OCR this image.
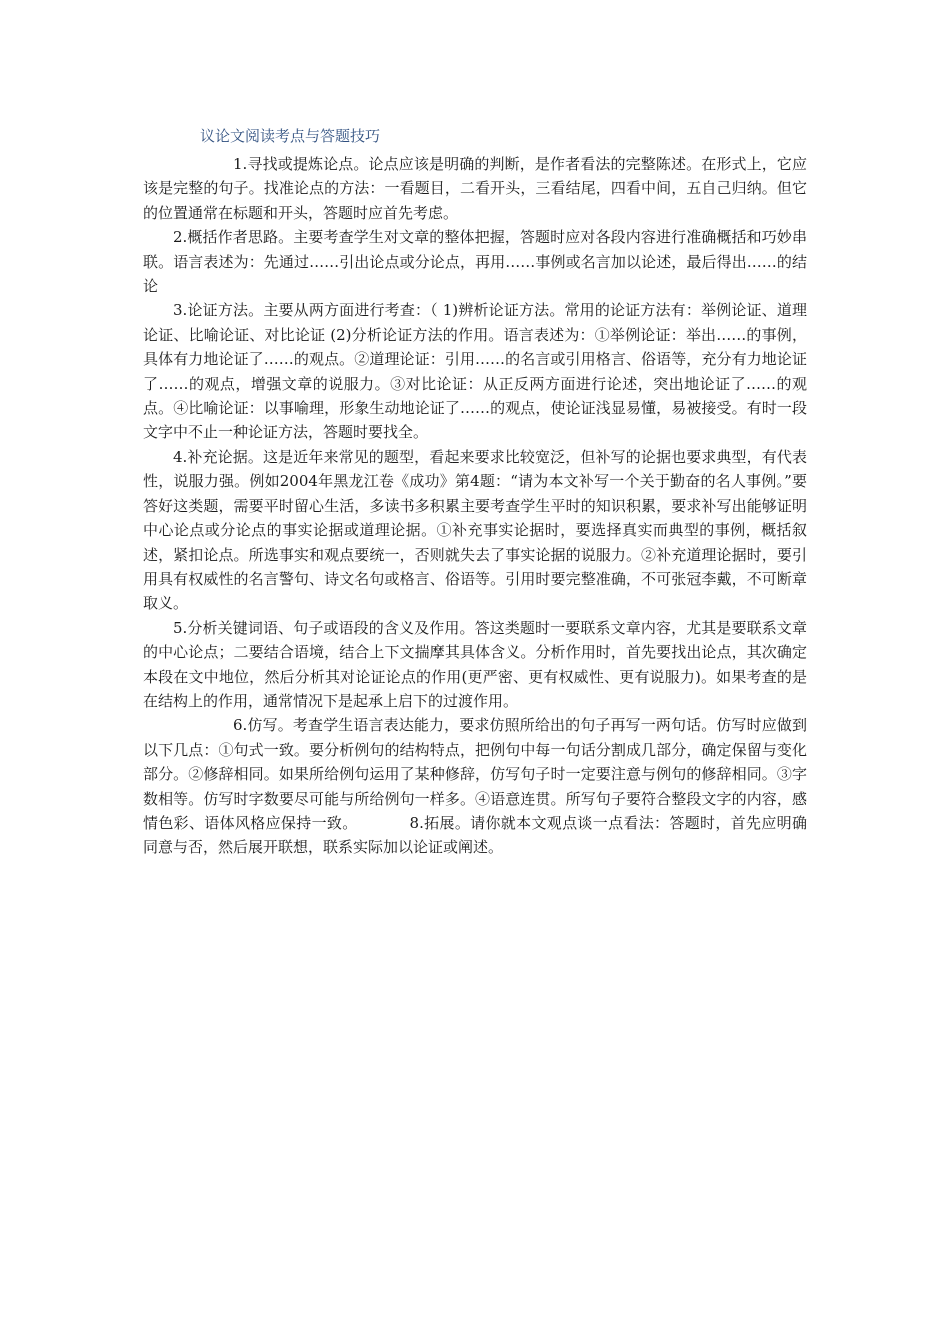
议论文阅读考点与答题技巧

1.寻找或提炼论点。论点应该是明确的判断，是作者看法的完整陈述。在形式上，它应该是完整的句子。找准论点的方法：一看题目，二看开头，三看结尾，四看中间，五自己归纳。但它的位置通常在标题和开头，答题时应首先考虑。

2.概括作者思路。主要考查学生对文章的整体把握，答题时应对各段内容进行准确概括和巧妙串联。语言表述为：先通过……引出论点或分论点，再用……事例或名言加以论述，最后得出……的结论

3.论证方法。主要从两方面进行考查：（ 1)辨析论证方法。常用的论证方法有：举例论证、道理论证、比喻论证、对比论证 (2)分析论证方法的作用。语言表述为：①举例论证：举出……的事例，具体有力地论证了……的观点。②道理论证：引用……的名言或引用格言、俗语等，充分有力地论证了……的观点，增强文章的说服力。③对比论证：从正反两方面进行论述，突出地论证了……的观点。④比喻论证：以事喻理，形象生动地论证了……的观点，使论证浅显易懂，易被接受。有时一段文字中不止一种论证方法，答题时要找全。

4.补充论据。这是近年来常见的题型，看起来要求比较宽泛，但补写的论据也要求典型，有代表性，说服力强。例如2004年黑龙江卷《成功》第4题：“请为本文补写一个关于勤奋的名人事例。”要答好这类题，需要平时留心生活，多读书多积累主要考查学生平时的知识积累，要求补写出能够证明中心论点或分论点的事实论据或道理论据。①补充事实论据时，要选择真实而典型的事例，概括叙述，紧扣论点。所选事实和观点要统一，否则就失去了事实论据的说服力。②补充道理论据时，要引用具有权威性的名言警句、诗文名句或格言、俗语等。引用时要完整准确，不可张冠李戴，不可断章取义。

5.分析关键词语、句子或语段的含义及作用。答这类题时一要联系文章内容，尤其是要联系文章的中心论点；二要结合语境，结合上下文揣摩其具体含义。分析作用时，首先要找出论点，其次确定本段在文中地位，然后分析其对论证论点的作用(更严密、更有权威性、更有说服力)。如果考查的是在结构上的作用，通常情况下是起承上启下的过渡作用。

6.仿写。考查学生语言表达能力，要求仿照所给出的句子再写一两句话。仿写时应做到以下几点：①句式一致。要分析例句的结构特点，把例句中每一句话分割成几部分，确定保留与变化部分。②修辞相同。如果所给例句运用了某种修辞，仿写句子时一定要注意与例句的修辞相同。③字数相等。仿写时字数要尽可能与所给例句一样多。④语意连贯。所写句子要符合整段文字的内容，感情色彩、语体风格应保持一致。	8.拓展。请你就本文观点谈一点看法：答题时，首先应明确同意与否，然后展开联想，联系实际加以论证或阐述。
